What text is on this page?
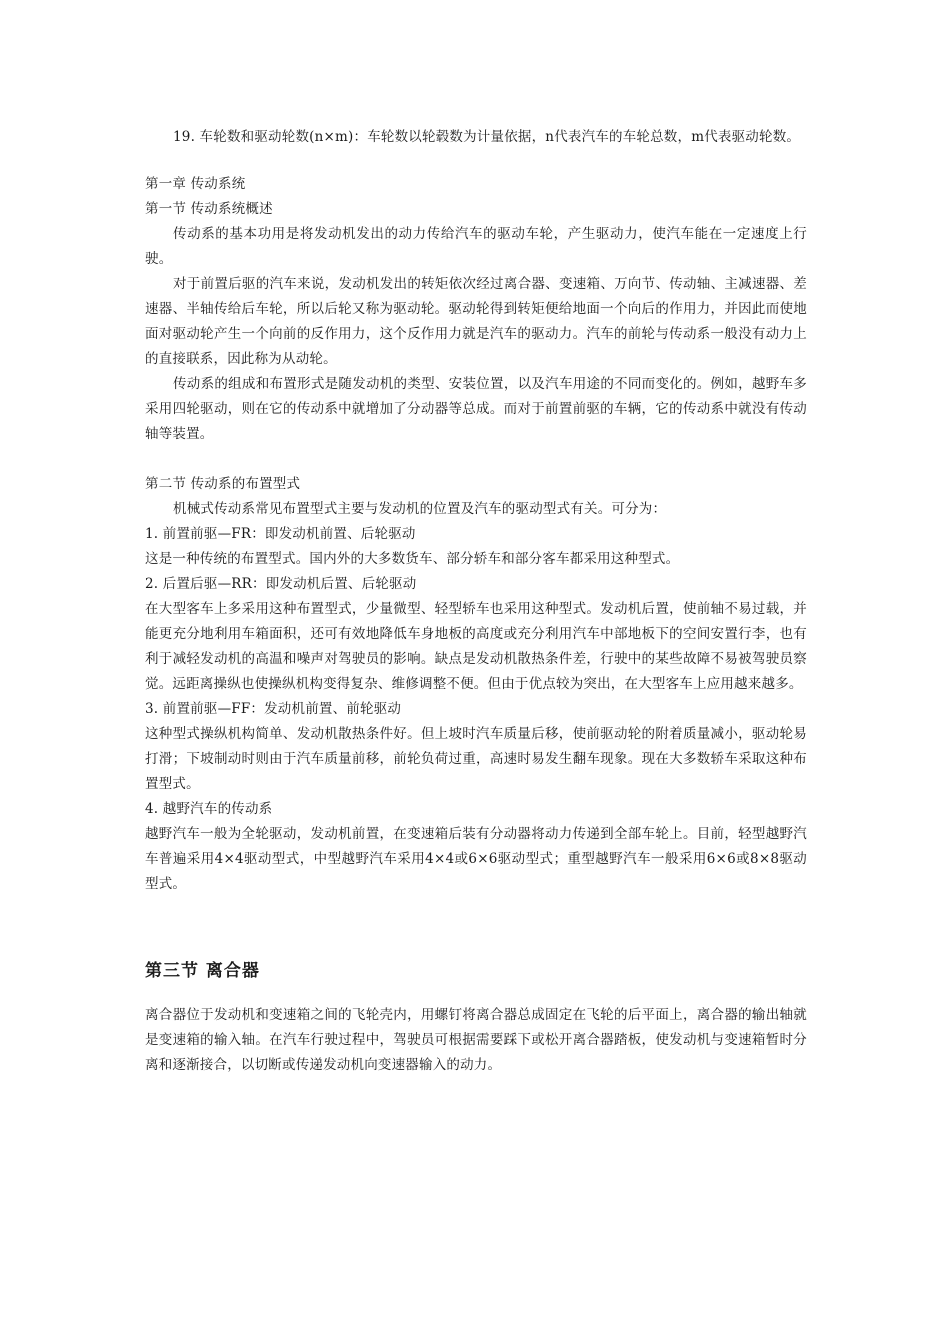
19. 车轮数和驱动轮数(n×m)：车轮数以轮毂数为计量依据，n代表汽车的车轮总数，m代表驱动轮数。

第一章 传动系统

第一节 传动系统概述

传动系的基本功用是将发动机发出的动力传给汽车的驱动车轮，产生驱动力，使汽车能在一定速度上行驶。

对于前置后驱的汽车来说，发动机发出的转矩依次经过离合器、变速箱、万向节、传动轴、主减速器、差速器、半轴传给后车轮，所以后轮又称为驱动轮。驱动轮得到转矩便给地面一个向后的作用力，并因此而使地面对驱动轮产生一个向前的反作用力，这个反作用力就是汽车的驱动力。汽车的前轮与传动系一般没有动力上的直接联系，因此称为从动轮。

传动系的组成和布置形式是随发动机的类型、安装位置，以及汽车用途的不同而变化的。例如，越野车多采用四轮驱动，则在它的传动系中就增加了分动器等总成。而对于前置前驱的车辆，它的传动系中就没有传动轴等装置。

第二节 传动系的布置型式

机械式传动系常见布置型式主要与发动机的位置及汽车的驱动型式有关。可分为：

1. 前置前驱—FR：即发动机前置、后轮驱动

这是一种传统的布置型式。国内外的大多数货车、部分轿车和部分客车都采用这种型式。

2. 后置后驱—RR：即发动机后置、后轮驱动

在大型客车上多采用这种布置型式，少量微型、轻型轿车也采用这种型式。发动机后置，使前轴不易过载，并能更充分地利用车箱面积，还可有效地降低车身地板的高度或充分利用汽车中部地板下的空间安置行李，也有利于减轻发动机的高温和噪声对驾驶员的影响。缺点是发动机散热条件差，行驶中的某些故障不易被驾驶员察觉。远距离操纵也使操纵机构变得复杂、维修调整不便。但由于优点较为突出，在大型客车上应用越来越多。

3. 前置前驱—FF：发动机前置、前轮驱动

这种型式操纵机构简单、发动机散热条件好。但上坡时汽车质量后移，使前驱动轮的附着质量减小，驱动轮易打滑；下坡制动时则由于汽车质量前移，前轮负荷过重，高速时易发生翻车现象。现在大多数轿车采取这种布置型式。

4. 越野汽车的传动系

越野汽车一般为全轮驱动，发动机前置，在变速箱后装有分动器将动力传递到全部车轮上。目前，轻型越野汽车普遍采用4×4驱动型式，中型越野汽车采用4×4或6×6驱动型式；重型越野汽车一般采用6×6或8×8驱动型式。

第三节 离合器

离合器位于发动机和变速箱之间的飞轮壳内，用螺钉将离合器总成固定在飞轮的后平面上，离合器的输出轴就是变速箱的输入轴。在汽车行驶过程中，驾驶员可根据需要踩下或松开离合器踏板，使发动机与变速箱暂时分离和逐渐接合，以切断或传递发动机向变速器输入的动力。
